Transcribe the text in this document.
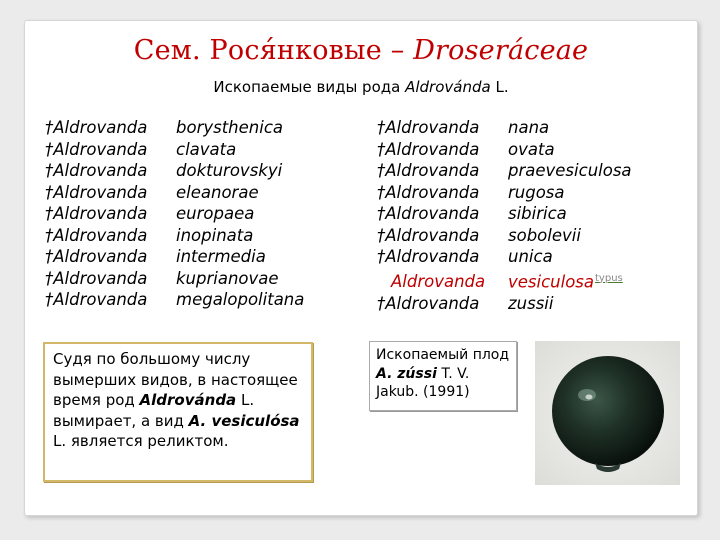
Сем. Рося́нковые – Droseráceae
Ископаемые виды рода Aldrovánda L.
†Aldrovanda borysthenica
†Aldrovanda clavata
†Aldrovanda dokturovskyi
†Aldrovanda eleanorae
†Aldrovanda europaea
†Aldrovanda inopinata
†Aldrovanda intermedia
†Aldrovanda kuprianovae
†Aldrovanda megalopolitana
†Aldrovanda nana
†Aldrovanda ovata
†Aldrovanda praevesiculosa
†Aldrovanda rugosa
†Aldrovanda sibirica
†Aldrovanda sobolevii
†Aldrovanda unica
Aldrovanda vesiculosa$^{typus}$
†Aldrovanda zussii
Судя по большому числу вымерших видов, в настоящее время род Aldrovánda L. вымирает, а вид A. vesiculósa L. является реликтом.
Ископаемый плод A. zússi T. V. Jakub. (1991)
